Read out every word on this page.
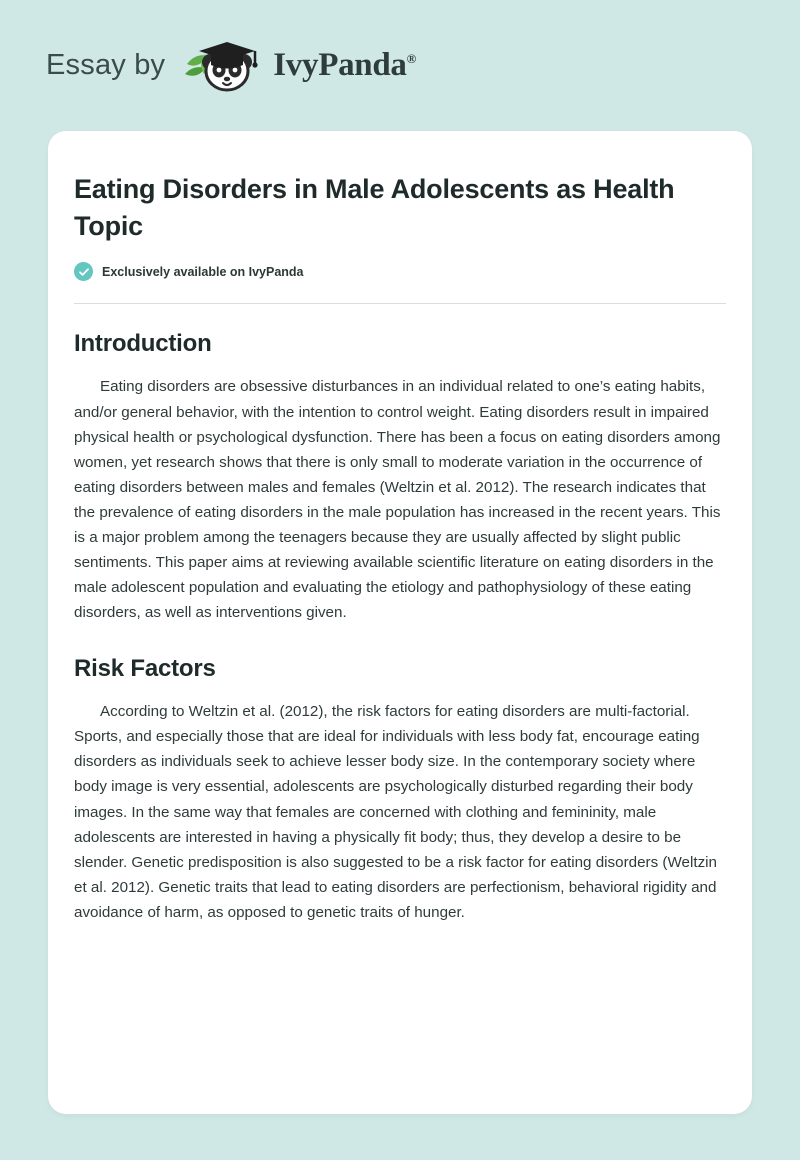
Essay by	IvyPanda®
Eating Disorders in Male Adolescents as Health Topic
Exclusively available on IvyPanda
Introduction

Eating disorders are obsessive disturbances in an individual related to one’s eating habits, and/or general behavior, with the intention to control weight. Eating disorders result in impaired physical health or psychological dysfunction. There has been a focus on eating disorders among women, yet research shows that there is only small to moderate variation in the occurrence of eating disorders between males and females (Weltzin et al. 2012). The research indicates that the prevalence of eating disorders in the male population has increased in the recent years. This is a major problem among the teenagers because they are usually affected by slight public sentiments. This paper aims at reviewing available scientific literature on eating disorders in the male adolescent population and evaluating the etiology and pathophysiology of these eating disorders, as well as interventions given.

Risk Factors

According to Weltzin et al. (2012), the risk factors for eating disorders are multi-factorial. Sports, and especially those that are ideal for individuals with less body fat, encourage eating disorders as individuals seek to achieve lesser body size. In the contemporary society where body image is very essential, adolescents are psychologically disturbed regarding their body images. In the same way that females are concerned with clothing and femininity, male adolescents are interested in having a physically fit body; thus, they develop a desire to be slender. Genetic predisposition is also suggested to be a risk factor for eating disorders (Weltzin et al. 2012). Genetic traits that lead to eating disorders are perfectionism, behavioral rigidity and avoidance of harm, as opposed to genetic traits of hunger.
